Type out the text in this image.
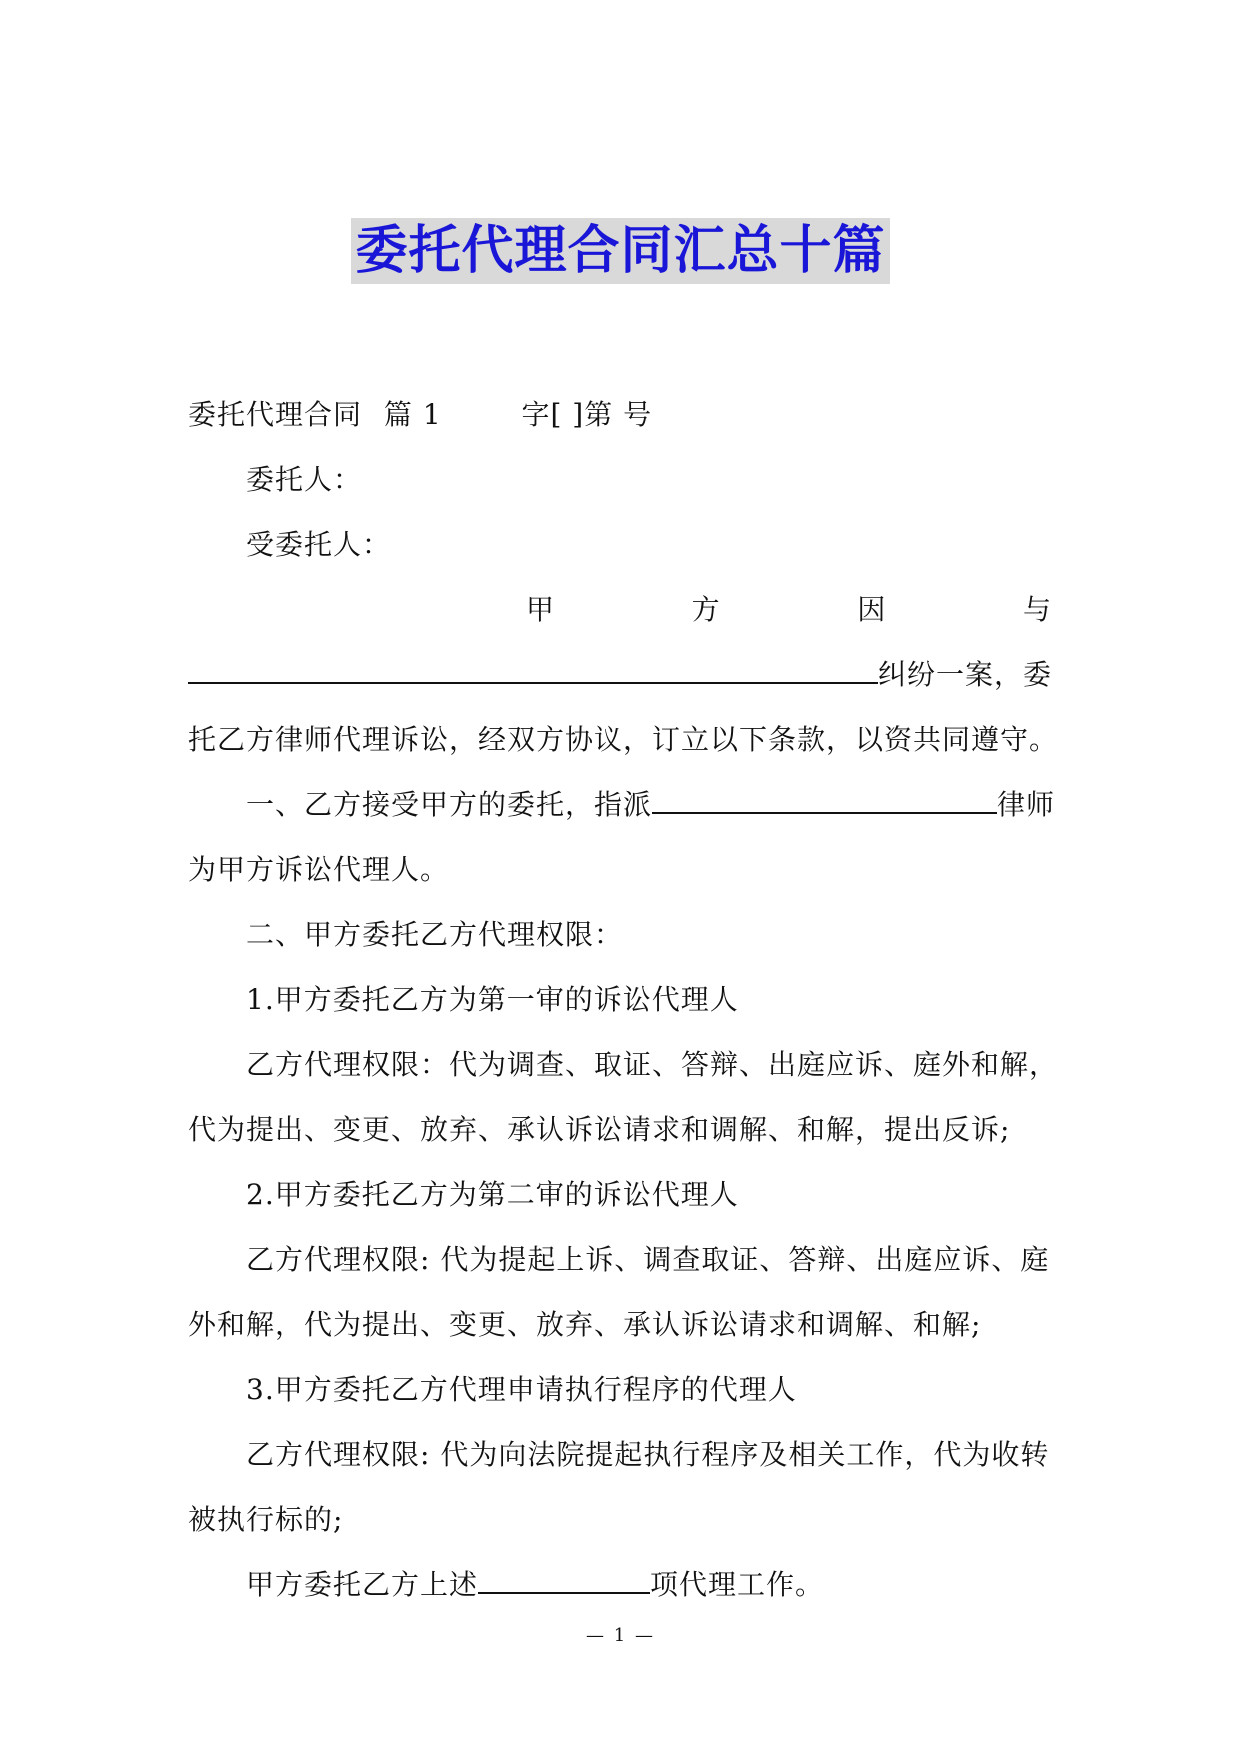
委托代理合同汇总十篇
委托代理合同 篇 1	字[ ]第 号
委托人：
受委托人：
甲	方	因	与
纠纷一案，委
托乙方律师代理诉讼，经双方协议，订立以下条款，以资共同遵守。
一、乙方接受甲方的委托，指派	律师
为甲方诉讼代理人。
二、甲方委托乙方代理权限：
1.甲方委托乙方为第一审的诉讼代理人
乙方代理权限：代为调查、取证、答辩、出庭应诉、庭外和解，
代为提出、变更、放弃、承认诉讼请求和调解、和解，提出反诉;
2.甲方委托乙方为第二审的诉讼代理人
乙方代理权限: 代为提起上诉、调查取证、答辩、出庭应诉、庭
外和解，代为提出、变更、放弃、承认诉讼请求和调解、和解;
3.甲方委托乙方代理申请执行程序的代理人
乙方代理权限: 代为向法院提起执行程序及相关工作，代为收转
被执行标的;
甲方委托乙方上述	项代理工作。
— 1 —
